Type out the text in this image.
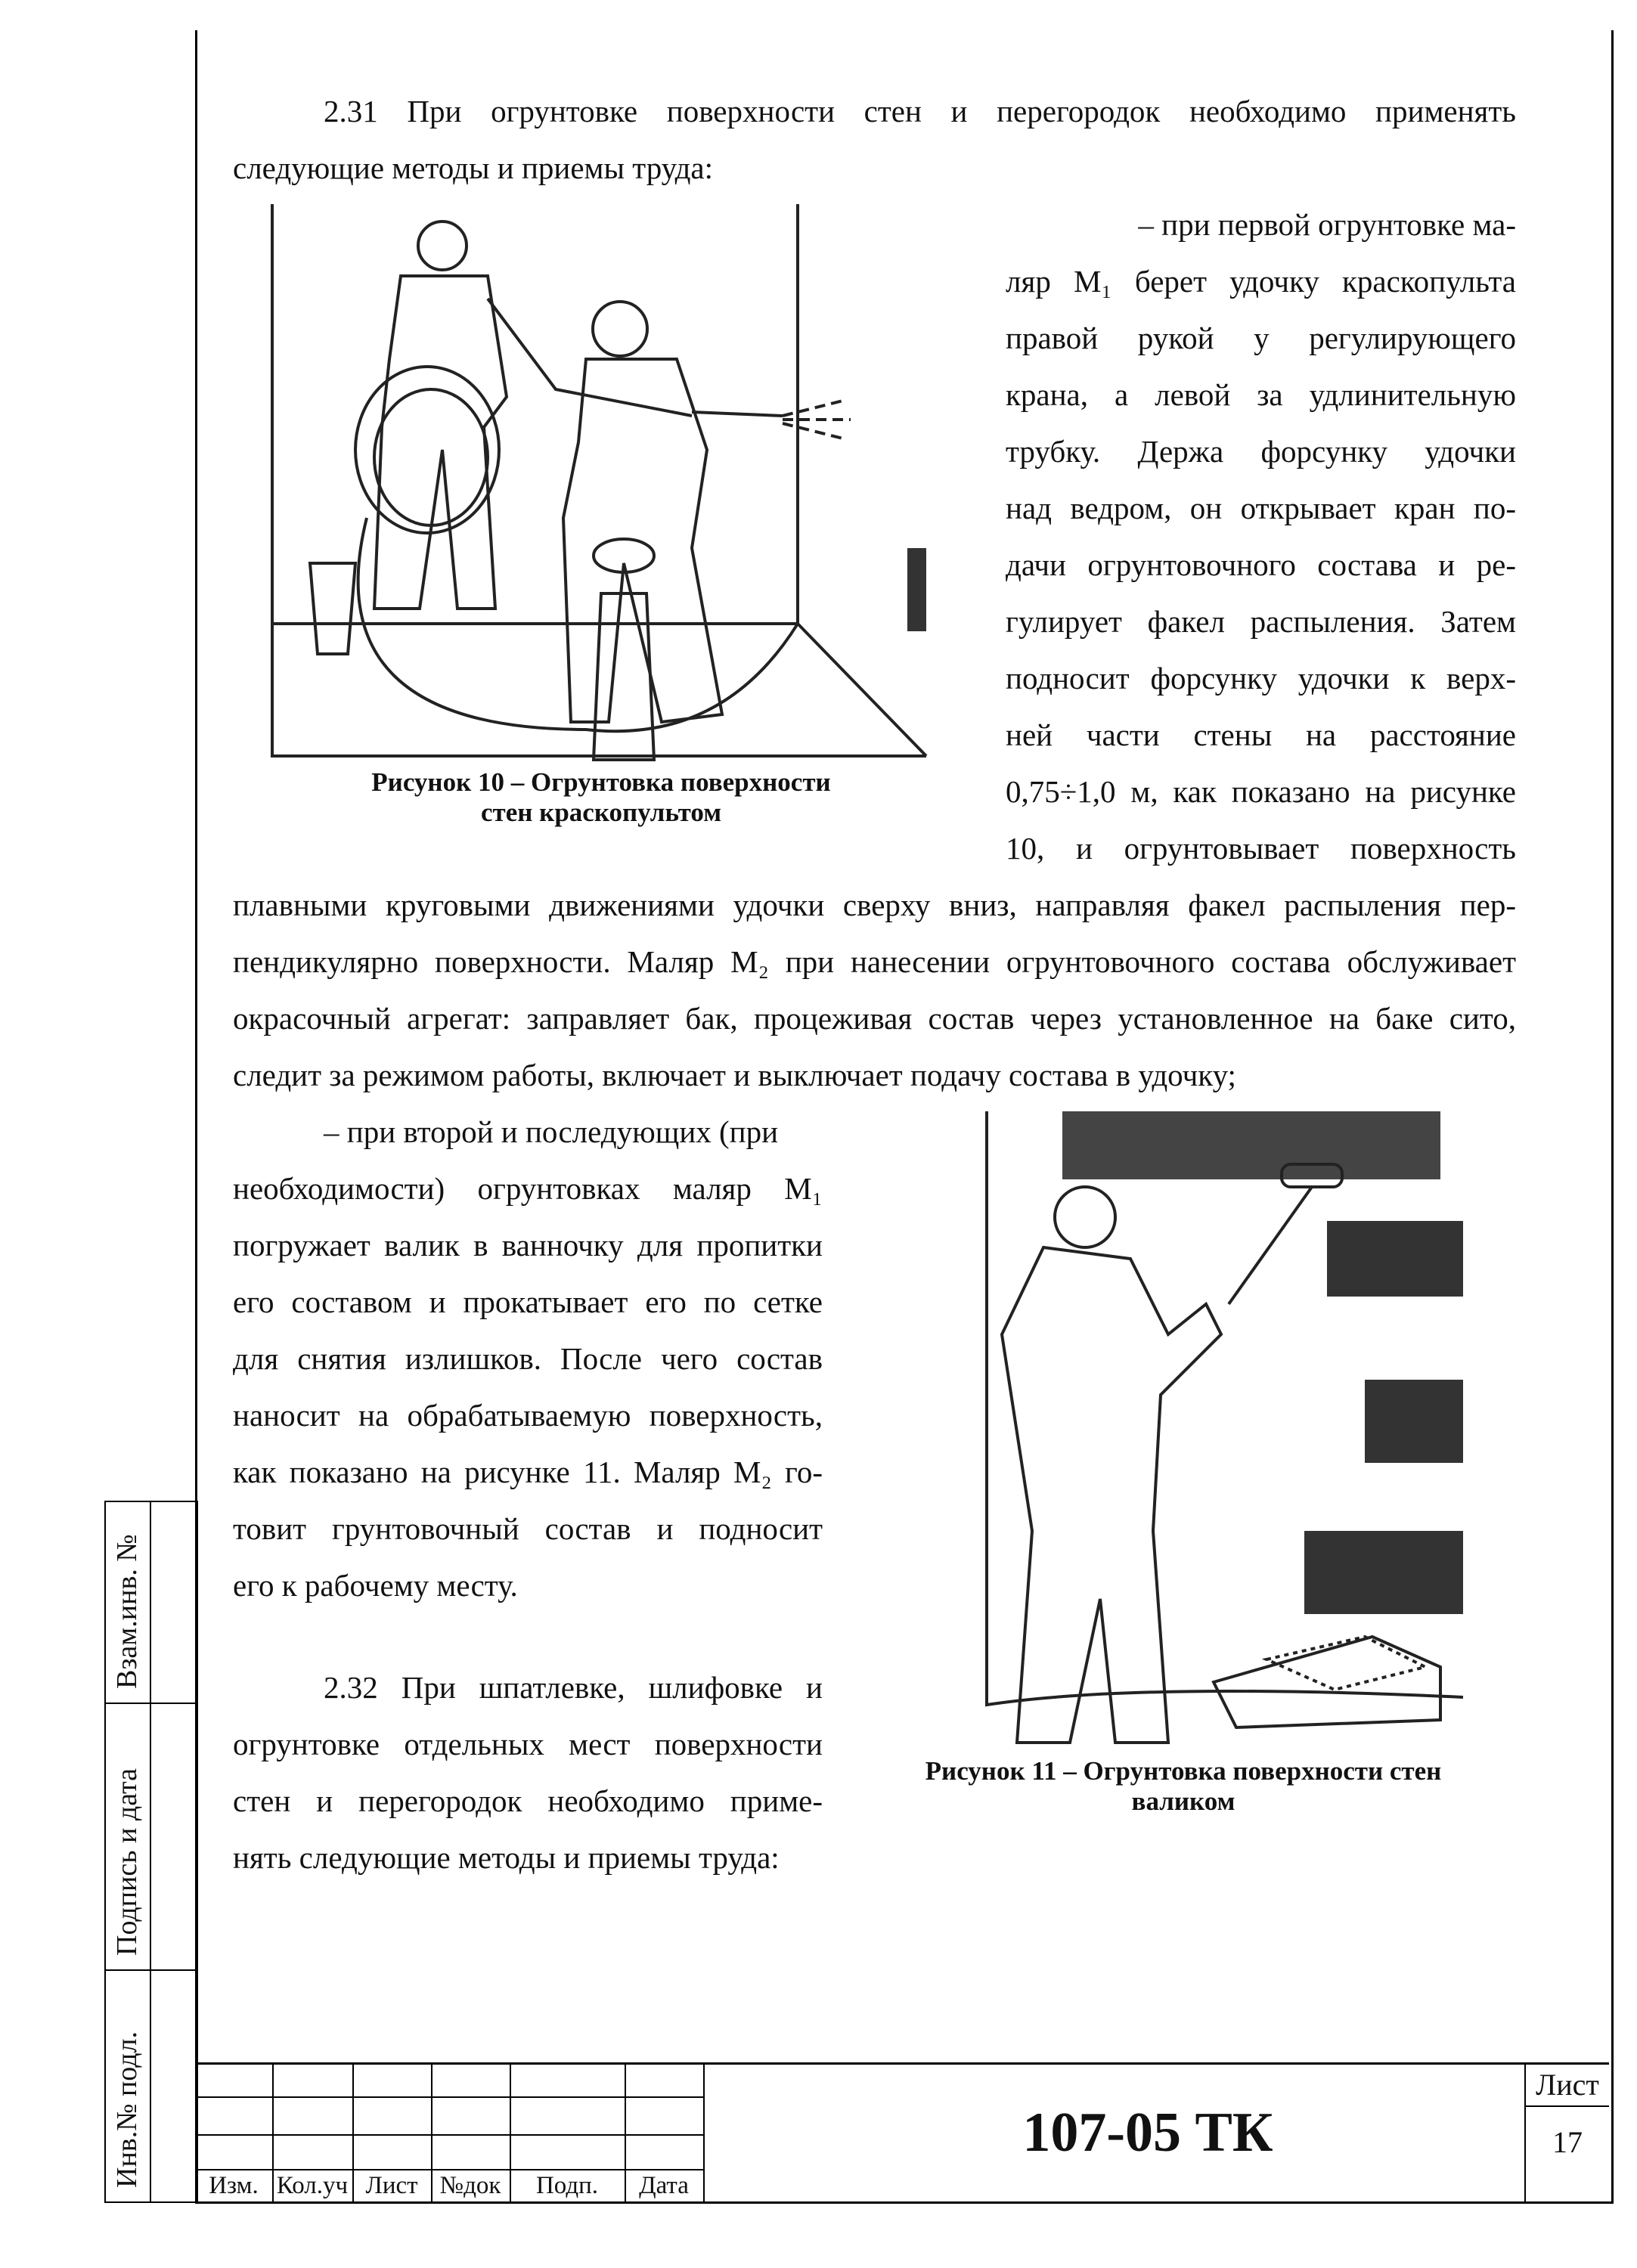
2.31 При огрунтовке поверхности стен и перегородок необходимо применять
следующие методы и приемы труда:
Рисунок 10 – Огрунтовка поверхности
стен краскопультом
– при первой огрунтовке ма-
ляр М₁ берет удочку краскопульта
правой рукой у регулирующего
крана, а левой за удлинительную
трубку. Держа форсунку удочки
над ведром, он открывает кран по-
дачи огрунтовочного состава и ре-
гулирует факел распыления. Затем
подносит форсунку удочки к верх-
ней части стены на расстояние
0,75÷1,0 м, как показано на рисунке
10, и огрунтовывает поверхность
плавными круговыми движениями удочки сверху вниз, направляя факел распыления пер-
пендикулярно поверхности. Маляр М₂ при нанесении огрунтовочного состава обслуживает
окрасочный агрегат: заправляет бак, процеживая состав через установленное на баке сито,
следит за режимом работы, включает и выключает подачу состава в удочку;
– при второй и последующих (при
необходимости) огрунтовках маляр М₁
погружает валик в ванночку для пропитки
его составом и прокатывает его по сетке
для снятия излишков. После чего состав
наносит на обрабатываемую поверхность,
как показано на рисунке 11. Маляр М₂ го-
товит грунтовочный состав и подносит
его к рабочему месту.
2.32 При шпатлевке, шлифовке и
огрунтовке отдельных мест поверхности
стен и перегородок необходимо приме-
нять следующие методы и приемы труда:
Рисунок 11 – Огрунтовка поверхности стен
валиком
Взам.инв. №
Подпись и дата
Инв.№ подл.	Изм. Кол.уч Лист №док	Подп.	Дата
107-05 ТК
Лист
17
